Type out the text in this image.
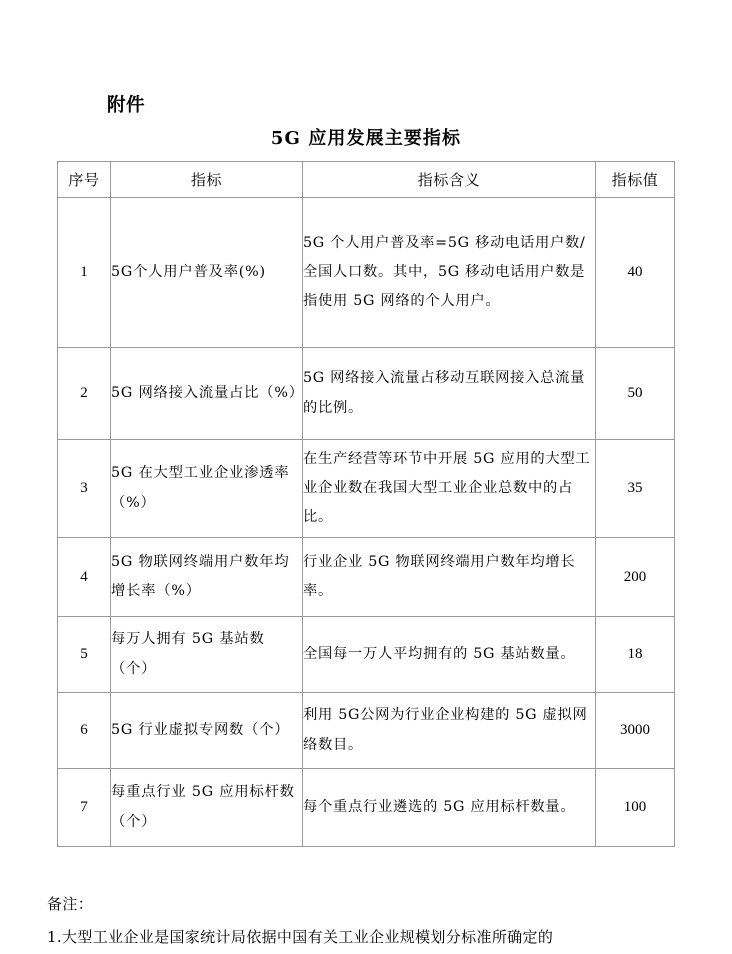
附件
5G 应用发展主要指标
序号	指标	指标含义	指标值
1	5G个人用户普及率(%)	5G 个人用户普及率=5G 移动电话用户数/全国人口数。其中，5G 移动电话用户数是指使用 5G 网络的个人用户。	40
2	5G 网络接入流量占比（%）	5G 网络接入流量占移动互联网接入总流量的比例。	50
3	5G 在大型工业企业渗透率（%）	在生产经营等环节中开展 5G 应用的大型工业企业数在我国大型工业企业总数中的占比。	35
4	5G 物联网终端用户数年均增长率（%）	行业企业 5G 物联网终端用户数年均增长率。	200
5	每万人拥有 5G 基站数（个）	全国每一万人平均拥有的 5G 基站数量。	18
6	5G 行业虚拟专网数（个）	利用 5G公网为行业企业构建的 5G 虚拟网络数目。	3000
7	每重点行业 5G 应用标杆数（个）	每个重点行业遴选的 5G 应用标杆数量。	100
备注：
1.大型工业企业是国家统计局依据中国有关工业企业规模划分标准所确定的
